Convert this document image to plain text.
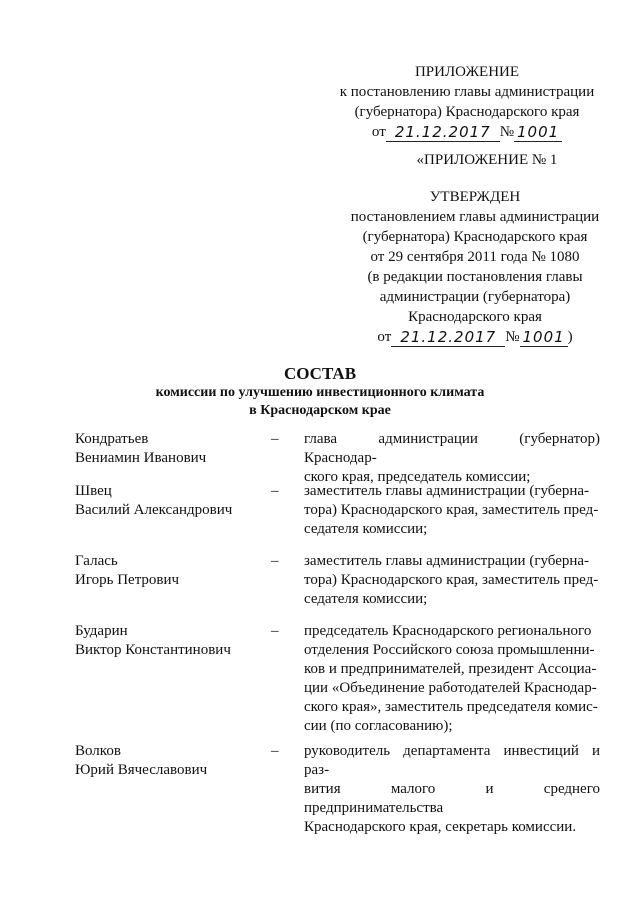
ПРИЛОЖЕНИЕ
к постановлению главы администрации
(губернатора) Краснодарского края
от 21.12.2017 № 1001
«ПРИЛОЖЕНИЕ № 1
УТВЕРЖДЕН
постановлением главы администрации
(губернатора) Краснодарского края
от 29 сентября 2011 года № 1080
(в редакции постановления главы
администрации (губернатора)
Краснодарского края
от 21.12.2017 № 1001 )
СОСТАВ
комиссии по улучшению инвестиционного климата
в Краснодарском крае
Кондратьев
Вениамин Иванович
– глава администрации (губернатор) Краснодар-
ского края, председатель комиссии;
Швец
Василий Александрович
– заместитель главы администрации (губерна-
тора) Краснодарского края, заместитель пред-
седателя комиссии;
Галась
Игорь Петрович
– заместитель главы администрации (губерна-
тора) Краснодарского края, заместитель пред-
седателя комиссии;
Бударин
Виктор Константинович
– председатель Краснодарского регионального
отделения Российского союза промышленни-
ков и предпринимателей, президент Ассоциа-
ции «Объединение работодателей Краснодар-
ского края», заместитель председателя комис-
сии (по согласованию);
Волков
Юрий Вячеславович
– руководитель департамента инвестиций и раз-
вития малого и среднего предпринимательства
Краснодарского края, секретарь комиссии.
